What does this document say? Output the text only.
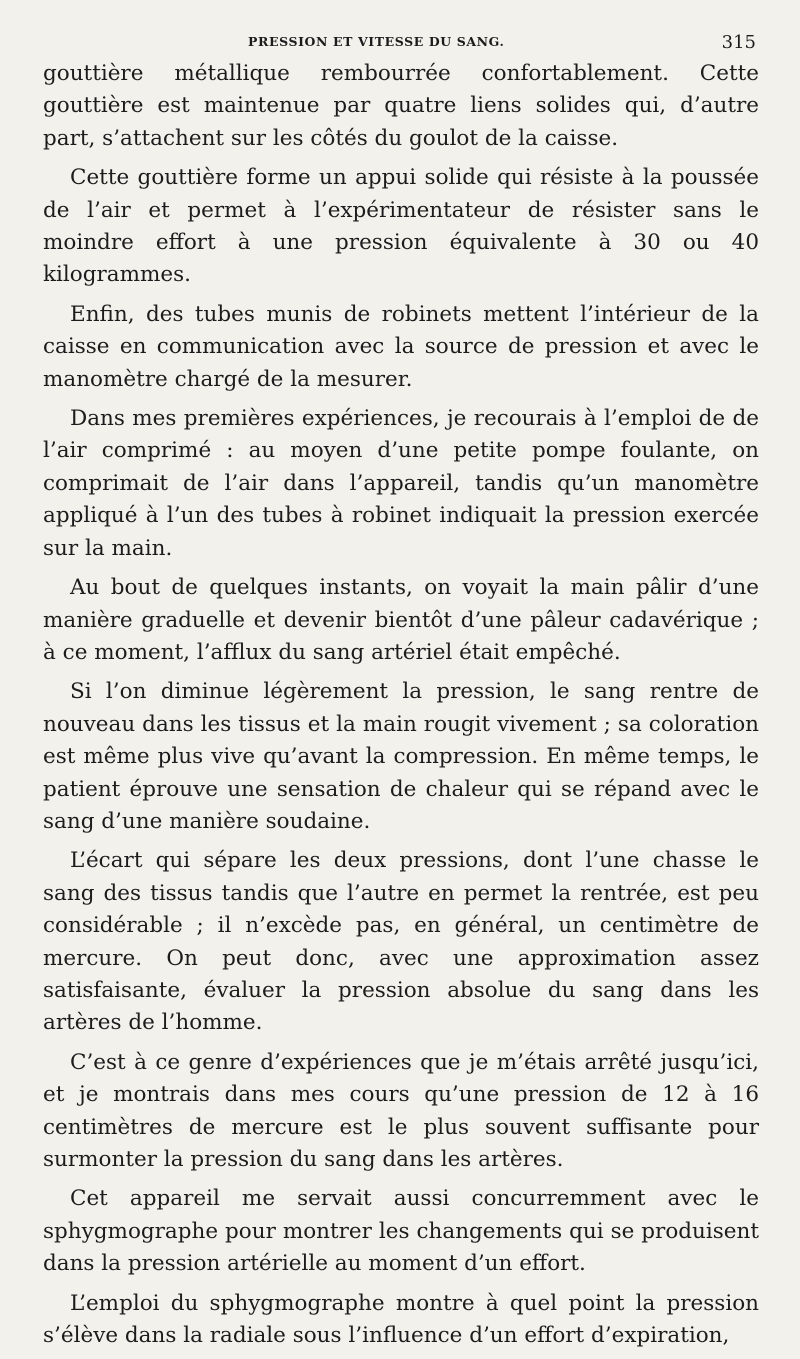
PRESSION ET VITESSE DU SANG.	315

gouttière métallique rembourrée confortablement. Cette gouttière est maintenue par quatre liens solides qui, d’autre part, s’attachent sur les côtés du goulot de la caisse.

Cette gouttière forme un appui solide qui résiste à la poussée de l’air et permet à l’expérimentateur de résister sans le moindre effort à une pression équivalente à 30 ou 40 kilogrammes.

Enfin, des tubes munis de robinets mettent l’intérieur de la caisse en communication avec la source de pression et avec le manomètre chargé de la mesurer.

Dans mes premières expériences, je recourais à l’emploi de de l’air comprimé : au moyen d’une petite pompe foulante, on comprimait de l’air dans l’appareil, tandis qu’un manomètre appliqué à l’un des tubes à robinet indiquait la pression exercée sur la main.

Au bout de quelques instants, on voyait la main pâlir d’une manière graduelle et devenir bientôt d’une pâleur cadavérique ; à ce moment, l’afflux du sang artériel était empêché.

Si l’on diminue légèrement la pression, le sang rentre de nouveau dans les tissus et la main rougit vivement ; sa coloration est même plus vive qu’avant la compression. En même temps, le patient éprouve une sensation de chaleur qui se répand avec le sang d’une manière soudaine.

L’écart qui sépare les deux pressions, dont l’une chasse le sang des tissus tandis que l’autre en permet la rentrée, est peu considérable ; il n’excède pas, en général, un centimètre de mercure. On peut donc, avec une approximation assez satisfaisante, évaluer la pression absolue du sang dans les artères de l’homme.

C’est à ce genre d’expériences que je m’étais arrêté jusqu’ici, et je montrais dans mes cours qu’une pression de 12 à 16 centimètres de mercure est le plus souvent suffisante pour surmonter la pression du sang dans les artères.

Cet appareil me servait aussi concurremment avec le sphygmographe pour montrer les changements qui se produisent dans la pression artérielle au moment d’un effort.

L’emploi du sphygmographe montre à quel point la pression s’élève dans la radiale sous l’influence d’un effort d’expiration,
